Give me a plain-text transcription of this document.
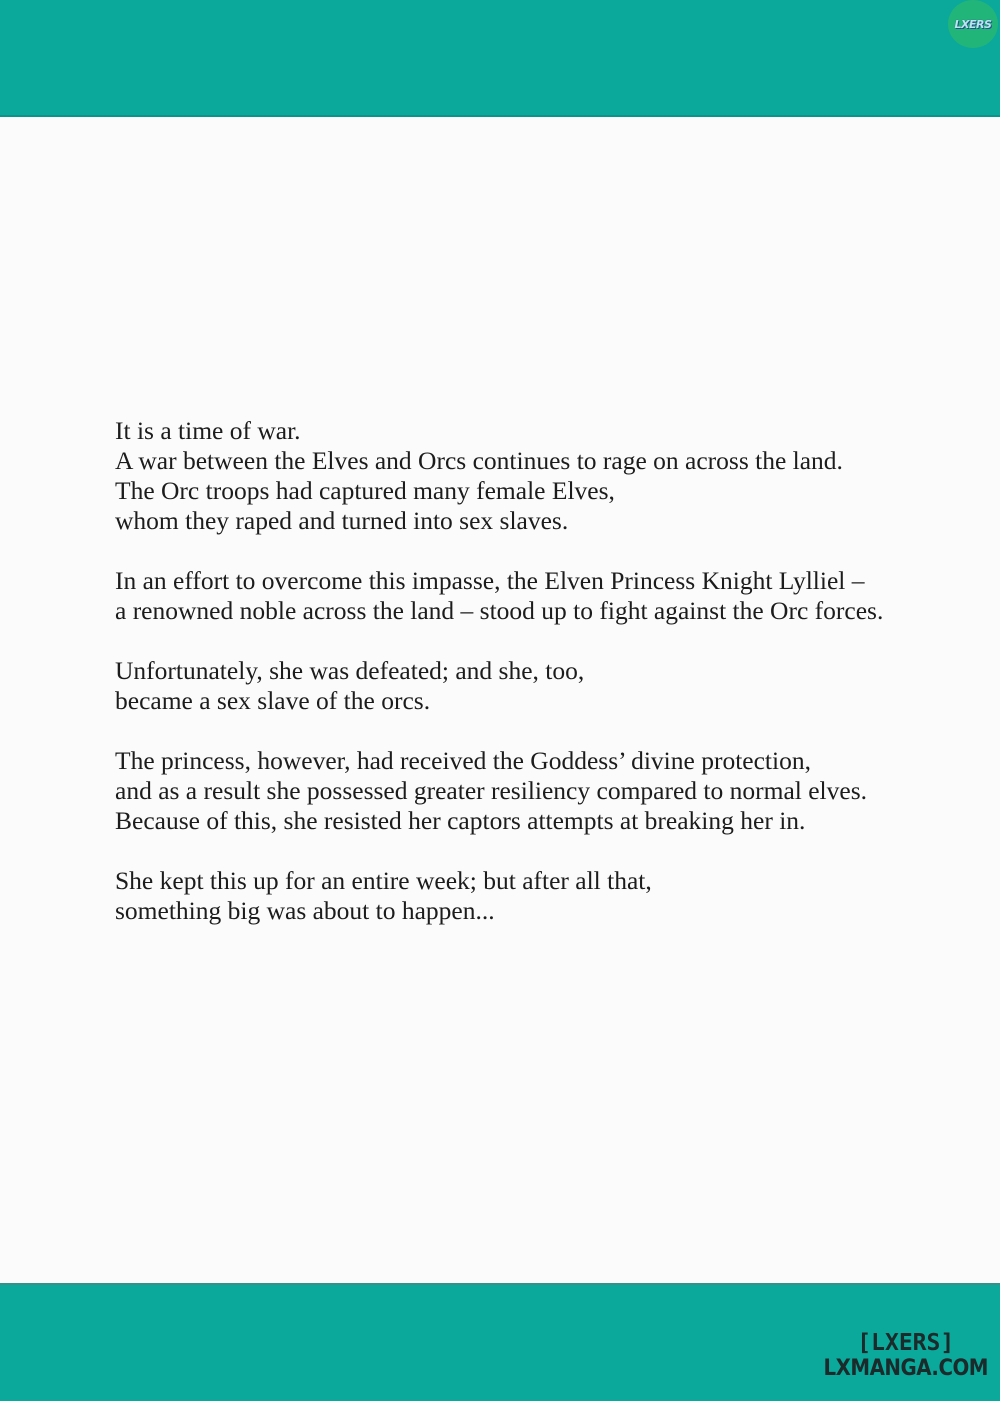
LXERS

It is a time of war.
A war between the Elves and Orcs continues to rage on across the land.
The Orc troops had captured many female Elves,
whom they raped and turned into sex slaves.

In an effort to overcome this impasse, the Elven Princess Knight Lylliel –
a renowned noble across the land – stood up to fight against the Orc forces.

Unfortunately, she was defeated; and she, too,
became a sex slave of the orcs.

The princess, however, had received the Goddess’ divine protection,
and as a result she possessed greater resiliency compared to normal elves.
Because of this, she resisted her captors attempts at breaking her in.

She kept this up for an entire week; but after all that,
something big was about to happen...

[LXERS]
LXMANGA.COM
